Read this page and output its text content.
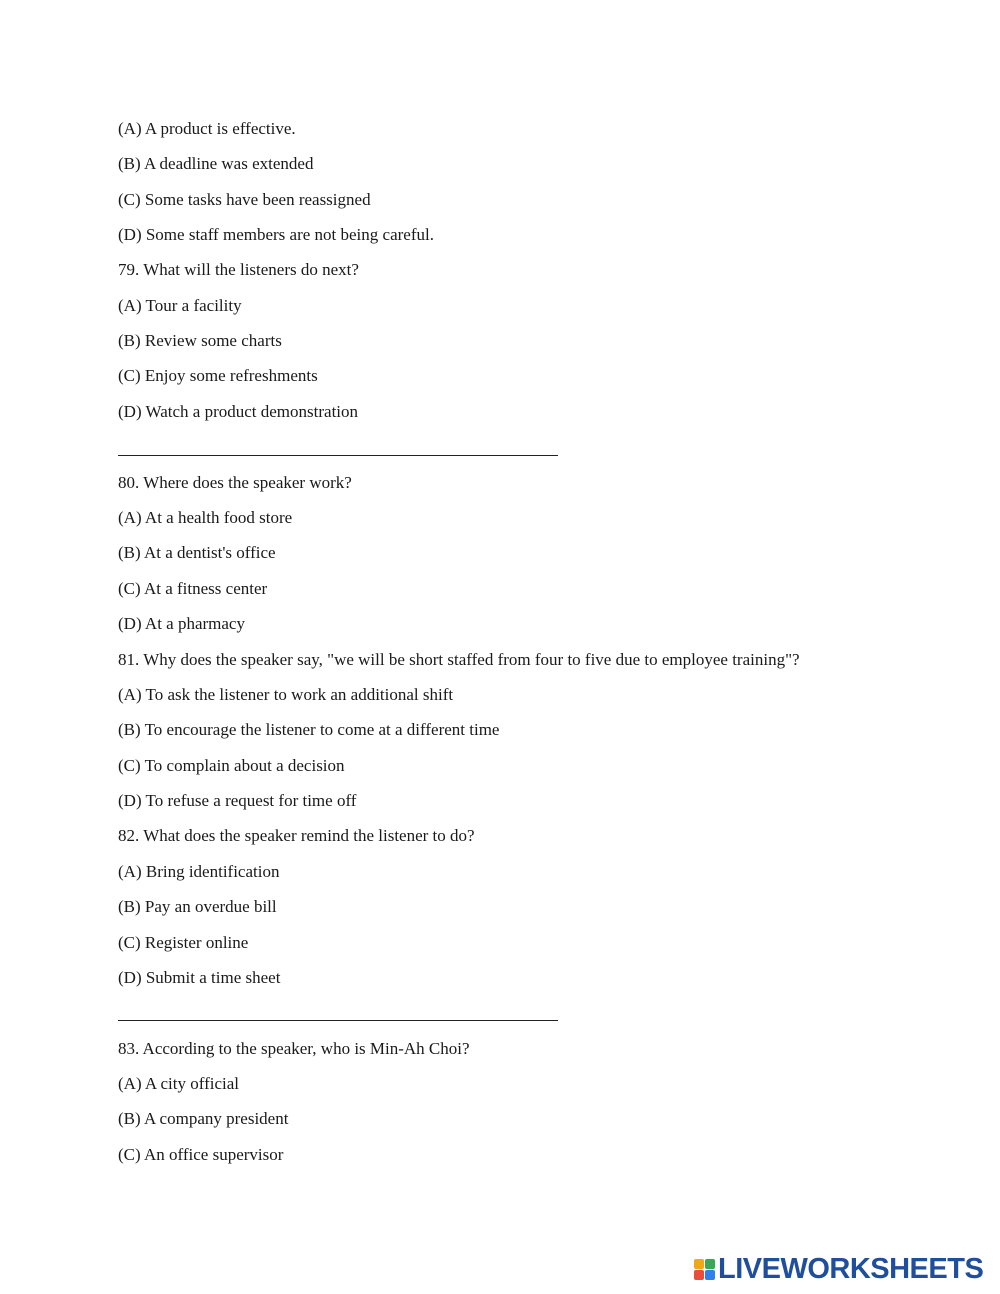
(A) A product is effective.
(B) A deadline was extended
(C) Some tasks have been reassigned
(D) Some staff members are not being careful.
79. What will the listeners do next?
(A) Tour a facility
(B) Review some charts
(C) Enjoy some refreshments
(D) Watch a product demonstration
80. Where does the speaker work?
(A) At a health food store
(B) At a dentist's office
(C) At a fitness center
(D) At a pharmacy
81. Why does the speaker say, "we will be short staffed from four to five due to employee training"?
(A) To ask the listener to work an additional shift
(B) To encourage the listener to come at a different time
(C) To complain about a decision
(D) To refuse a request for time off
82. What does the speaker remind the listener to do?
(A) Bring identification
(B) Pay an overdue bill
(C) Register online
(D) Submit a time sheet
83. According to the speaker, who is Min-Ah Choi?
(A) A city official
(B) A company president
(C) An office supervisor
LIVEWORKSHEETS
